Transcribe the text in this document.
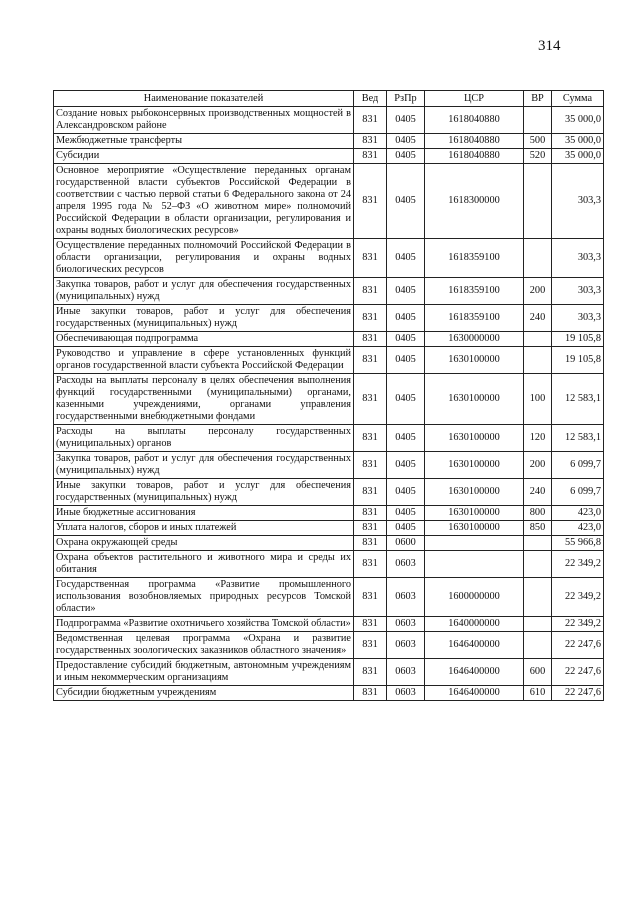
314
Наименование показателей	Вед	РзПр	ЦСР	ВР	Сумма
Создание новых рыбоконсервных производственных мощностей в Александровском районе	831	0405	1618040880		35 000,0
Межбюджетные трансферты	831	0405	1618040880	500	35 000,0
Субсидии	831	0405	1618040880	520	35 000,0
Основное мероприятие «Осуществление переданных органам государственной власти субъектов Российской Федерации в соответствии с частью первой статьи 6 Федерального закона от 24 апреля 1995 года № 52–ФЗ «О животном мире» полномочий Российской Федерации в области организации, регулирования и охраны водных биологических ресурсов»	831	0405	1618300000		303,3
Осуществление переданных полномочий Российской Федерации в области организации, регулирования и охраны водных биологических ресурсов	831	0405	1618359100		303,3
Закупка товаров, работ и услуг для обеспечения государственных (муниципальных) нужд	831	0405	1618359100	200	303,3
Иные закупки товаров, работ и услуг для обеспечения государственных (муниципальных) нужд	831	0405	1618359100	240	303,3
Обеспечивающая подпрограмма	831	0405	1630000000		19 105,8
Руководство и управление в сфере установленных функций органов государственной власти субъекта Российской Федерации	831	0405	1630100000		19 105,8
Расходы на выплаты персоналу в целях обеспечения выполнения функций государственными (муниципальными) органами, казенными учреждениями, органами управления государственными внебюджетными фондами	831	0405	1630100000	100	12 583,1
Расходы на выплаты персоналу государственных (муниципальных) органов	831	0405	1630100000	120	12 583,1
Закупка товаров, работ и услуг для обеспечения государственных (муниципальных) нужд	831	0405	1630100000	200	6 099,7
Иные закупки товаров, работ и услуг для обеспечения государственных (муниципальных) нужд	831	0405	1630100000	240	6 099,7
Иные бюджетные ассигнования	831	0405	1630100000	800	423,0
Уплата налогов, сборов и иных платежей	831	0405	1630100000	850	423,0
Охрана окружающей среды	831	0600			55 966,8
Охрана объектов растительного и животного мира и среды их обитания	831	0603			22 349,2
Государственная программа «Развитие промышленного использования возобновляемых природных ресурсов Томской области»	831	0603	1600000000		22 349,2
Подпрограмма «Развитие охотничьего хозяйства Томской области»	831	0603	1640000000		22 349,2
Ведомственная целевая программа «Охрана и развитие государственных зоологических заказников областного значения»	831	0603	1646400000		22 247,6
Предоставление субсидий бюджетным, автономным учреждениям и иным некоммерческим организациям	831	0603	1646400000	600	22 247,6
Субсидии бюджетным учреждениям	831	0603	1646400000	610	22 247,6
